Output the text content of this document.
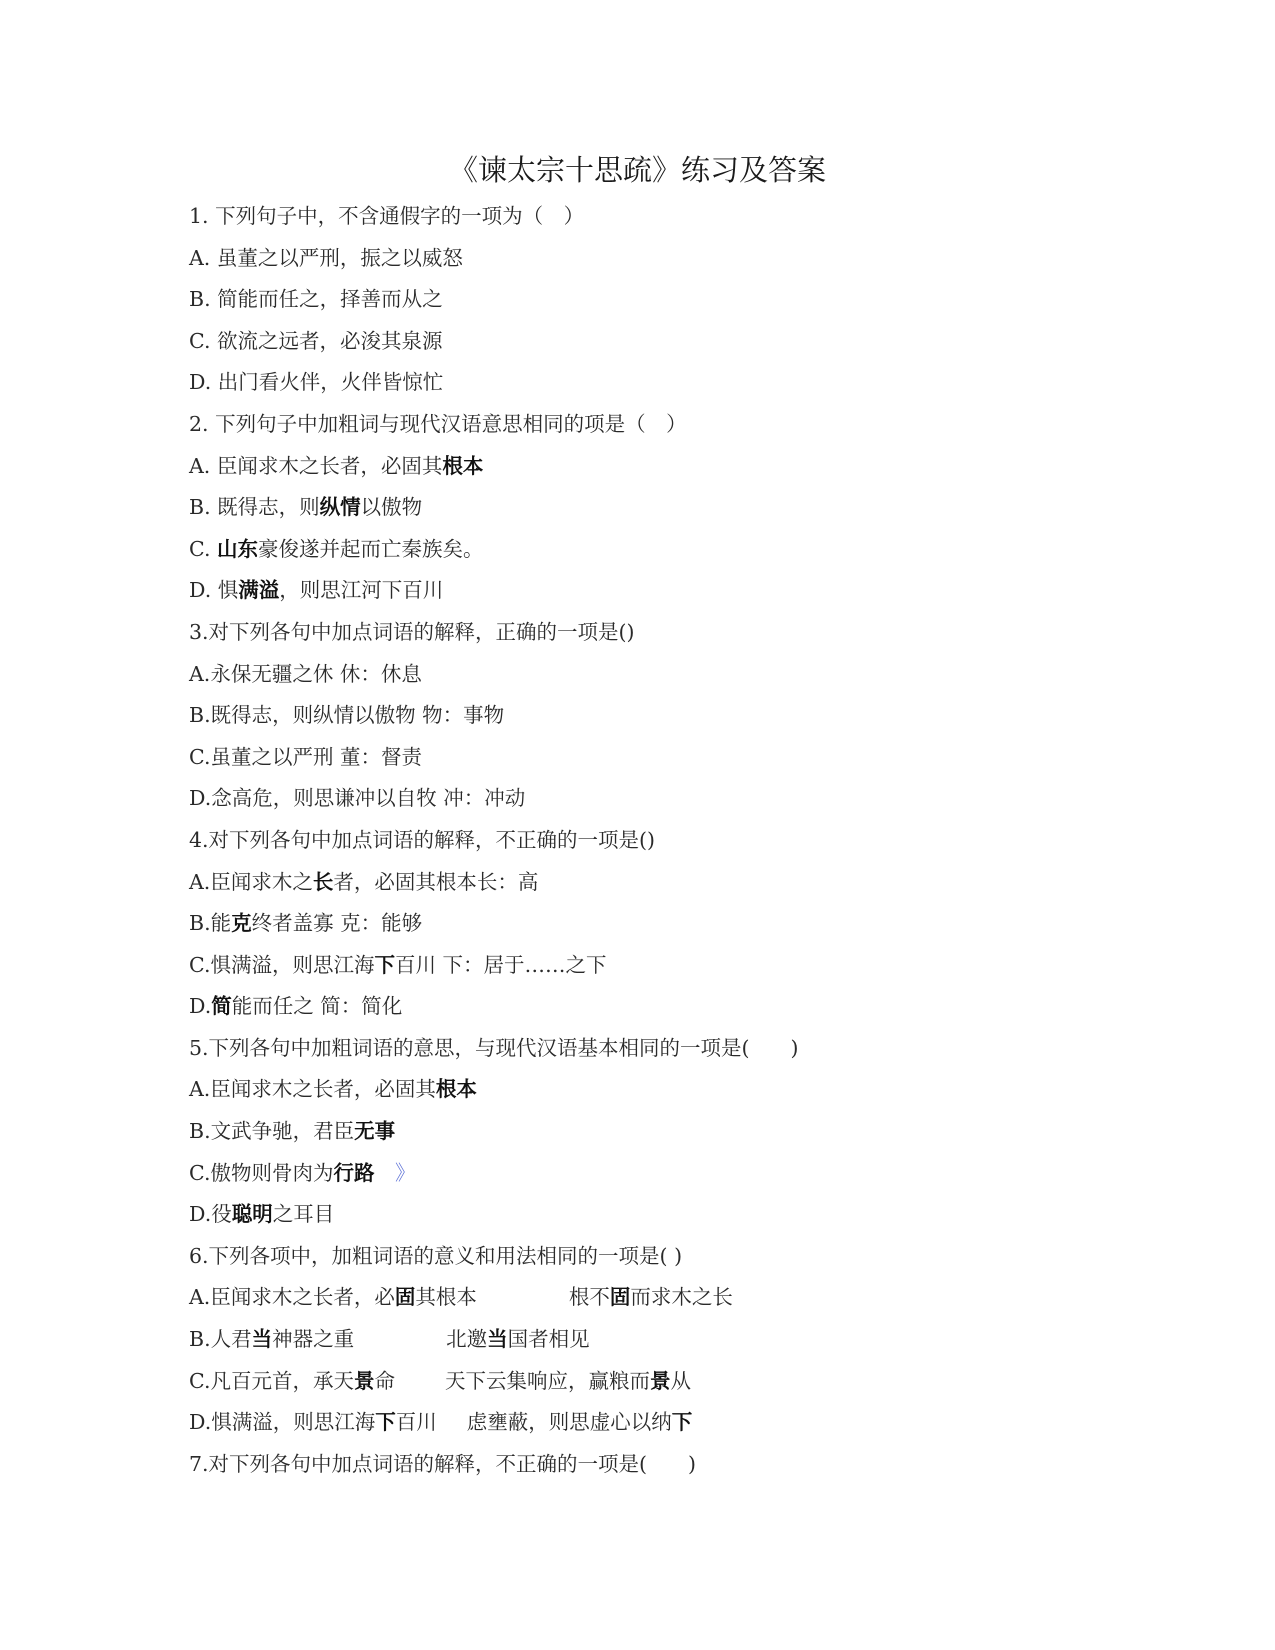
《谏太宗十思疏》练习及答案
1. 下列句子中，不含通假字的一项为（　）
A. 虽董之以严刑，振之以威怒
B. 简能而任之，择善而从之
C. 欲流之远者，必浚其泉源
D. 出门看火伴，火伴皆惊忙
2. 下列句子中加粗词与现代汉语意思相同的项是（　）
A. 臣闻求木之长者，必固其根本
B. 既得志，则纵情以傲物
C. 山东豪俊遂并起而亡秦族矣。
D. 惧满溢，则思江河下百川
3.对下列各句中加点词语的解释，正确的一项是()
A.永保无疆之休 休：休息
B.既得志，则纵情以傲物 物：事物
C.虽董之以严刑 董：督责
D.念高危，则思谦冲以自牧 冲：冲动
4.对下列各句中加点词语的解释，不正确的一项是()
A.臣闻求木之长者，必固其根本长：高
B.能克终者盖寡 克：能够
C.惧满溢，则思江海下百川 下：居于……之下
D.简能而任之 简：简化
5.下列各句中加粗词语的意思，与现代汉语基本相同的一项是(　　)
A.臣闻求木之长者，必固其根本
B.文武争驰，君臣无事
C.傲物则骨肉为行路　 》
D.役聪明之耳目
6.下列各项中，加粗词语的意义和用法相同的一项是( )
A.臣闻求木之长者，必固其根本	根不固而求木之长
B.人君当神器之重	北邀当国者相见
C.凡百元首，承天景命 天下云集响应，赢粮而景从
D.惧满溢，则思江海下百川 虑壅蔽，则思虚心以纳下
7.对下列各句中加点词语的解释，不正确的一项是(　　)
